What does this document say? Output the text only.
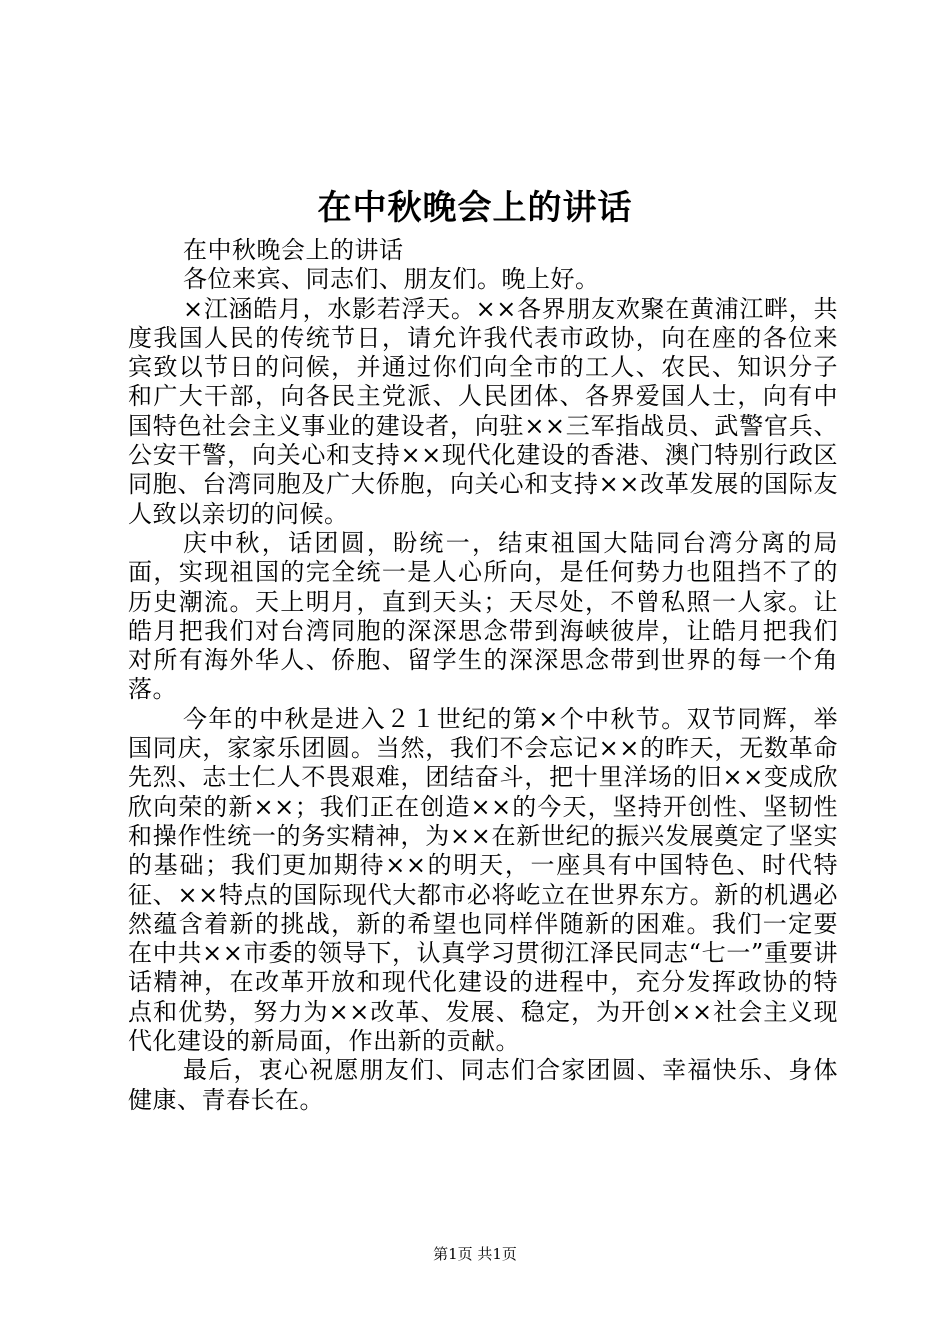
在中秋晚会上的讲话

在中秋晚会上的讲话

各位来宾、同志们、朋友们。晚上好。

×江涵皓月，水影若浮天。××各界朋友欢聚在黄浦江畔，共度我国人民的传统节日，请允许我代表市政协，向在座的各位来宾致以节日的问候，并通过你们向全市的工人、农民、知识分子和广大干部，向各民主党派、人民团体、各界爱国人士，向有中国特色社会主义事业的建设者，向驻××三军指战员、武警官兵、公安干警，向关心和支持××现代化建设的香港、澳门特别行政区同胞、台湾同胞及广大侨胞，向关心和支持××改革发展的国际友人致以亲切的问候。

庆中秋，话团圆，盼统一，结束祖国大陆同台湾分离的局面，实现祖国的完全统一是人心所向，是任何势力也阻挡不了的历史潮流。天上明月，直到天头；天尽处，不曾私照一人家。让皓月把我们对台湾同胞的深深思念带到海峡彼岸，让皓月把我们对所有海外华人、侨胞、留学生的深深思念带到世界的每一个角落。

今年的中秋是进入２１世纪的第×个中秋节。双节同辉，举国同庆，家家乐团圆。当然，我们不会忘记××的昨天，无数革命先烈、志士仁人不畏艰难，团结奋斗，把十里洋场的旧××变成欣欣向荣的新××；我们正在创造××的今天，坚持开创性、坚韧性和操作性统一的务实精神，为××在新世纪的振兴发展奠定了坚实的基础；我们更加期待××的明天，一座具有中国特色、时代特征、××特点的国际现代大都市必将屹立在世界东方。新的机遇必然蕴含着新的挑战，新的希望也同样伴随新的困难。我们一定要在中共××市委的领导下，认真学习贯彻江泽民同志“七一”重要讲话精神，在改革开放和现代化建设的进程中，充分发挥政协的特点和优势，努力为××改革、发展、稳定，为开创××社会主义现代化建设的新局面，作出新的贡献。

最后，衷心祝愿朋友们、同志们合家团圆、幸福快乐、身体健康、青春长在。

第1页 共1页
